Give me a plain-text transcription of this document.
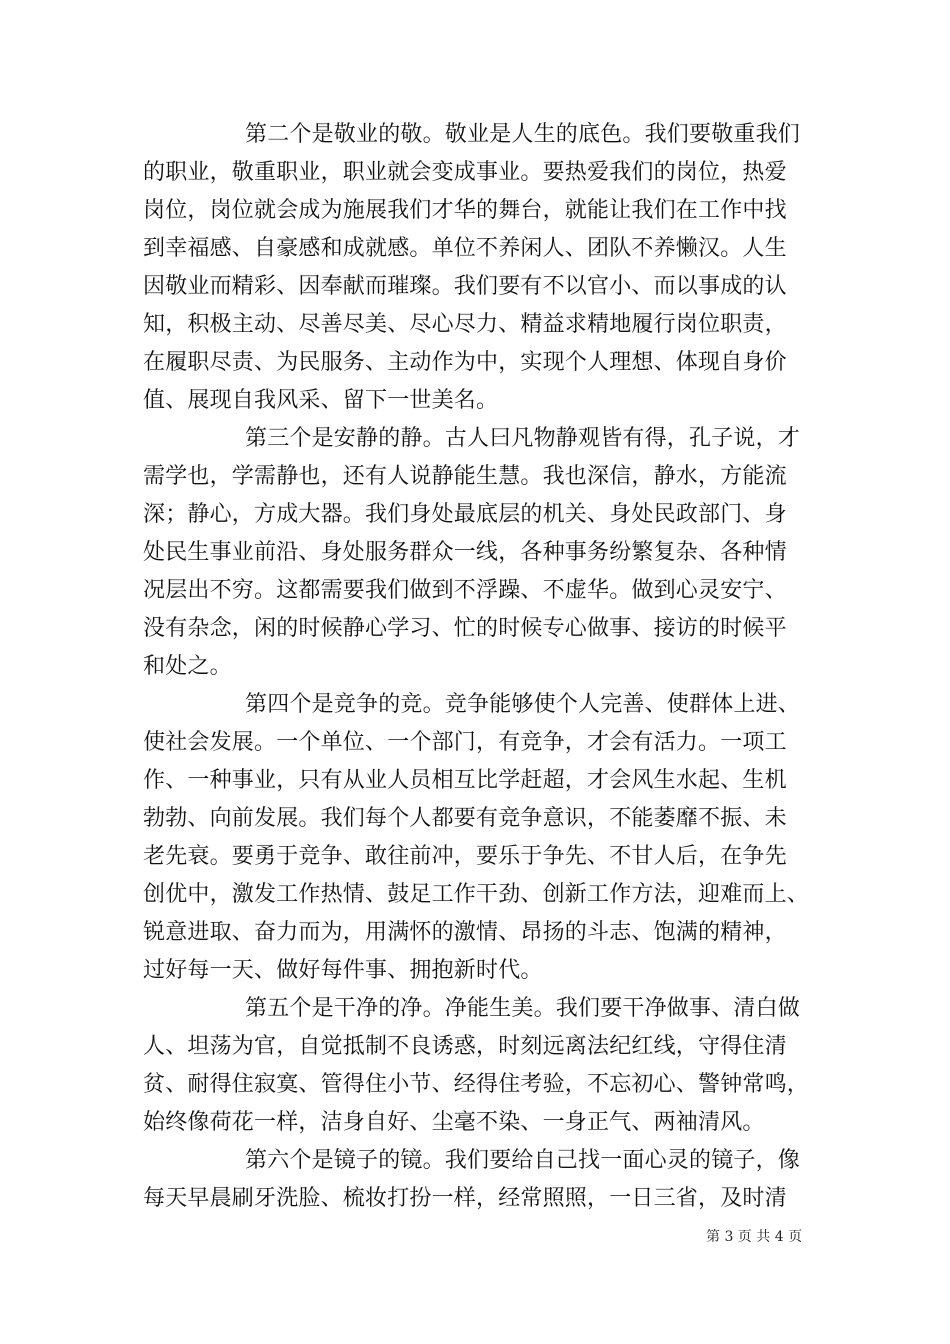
第二个是敬业的敬。敬业是人生的底色。我们要敬重我们
的职业，敬重职业，职业就会变成事业。要热爱我们的岗位，热爱
岗位，岗位就会成为施展我们才华的舞台，就能让我们在工作中找
到幸福感、自豪感和成就感。单位不养闲人、团队不养懒汉。人生
因敬业而精彩、因奉献而璀璨。我们要有不以官小、而以事成的认
知，积极主动、尽善尽美、尽心尽力、精益求精地履行岗位职责，
在履职尽责、为民服务、主动作为中，实现个人理想、体现自身价
值、展现自我风采、留下一世美名。
第三个是安静的静。古人曰凡物静观皆有得，孔子说，才
需学也，学需静也，还有人说静能生慧。我也深信，静水，方能流
深；静心，方成大器。我们身处最底层的机关、身处民政部门、身
处民生事业前沿、身处服务群众一线，各种事务纷繁复杂、各种情
况层出不穷。这都需要我们做到不浮躁、不虚华。做到心灵安宁、
没有杂念，闲的时候静心学习、忙的时候专心做事、接访的时候平
和处之。
第四个是竞争的竞。竞争能够使个人完善、使群体上进、
使社会发展。一个单位、一个部门，有竞争，才会有活力。一项工
作、一种事业，只有从业人员相互比学赶超，才会风生水起、生机
勃勃、向前发展。我们每个人都要有竞争意识，不能萎靡不振、未
老先衰。要勇于竞争、敢往前冲，要乐于争先、不甘人后，在争先
创优中，激发工作热情、鼓足工作干劲、创新工作方法，迎难而上、
锐意进取、奋力而为，用满怀的激情、昂扬的斗志、饱满的精神，
过好每一天、做好每件事、拥抱新时代。
第五个是干净的净。净能生美。我们要干净做事、清白做
人、坦荡为官，自觉抵制不良诱惑，时刻远离法纪红线，守得住清
贫、耐得住寂寞、管得住小节、经得住考验，不忘初心、警钟常鸣，
始终像荷花一样，洁身自好、尘毫不染、一身正气、两袖清风。
第六个是镜子的镜。我们要给自己找一面心灵的镜子，像
每天早晨刷牙洗脸、梳妆打扮一样，经常照照，一日三省，及时清
第 3 页 共 4 页
